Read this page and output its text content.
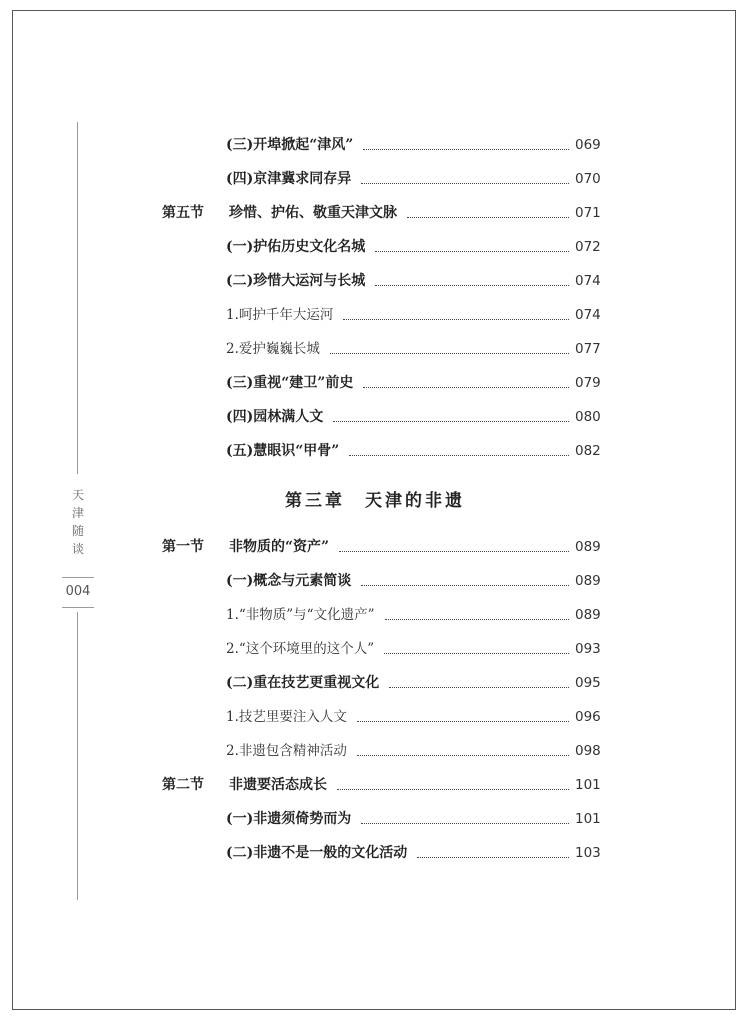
天
津
随
谈
004
第三章　天津的非遗
(三)开埠掀起“津风”	069
(四)京津冀求同存异	070
第五节 珍惜、护佑、敬重天津文脉	071
(一)护佑历史文化名城	072
(二)珍惜大运河与长城	074
1.呵护千年大运河	074
2.爱护巍巍长城	077
(三)重视“建卫”前史	079
(四)园林满人文	080
(五)慧眼识“甲骨”	082
第一节 非物质的“资产”	089
(一)概念与元素简谈	089
1.“非物质”与“文化遗产”	089
2.“这个环境里的这个人”	093
(二)重在技艺更重视文化	095
1.技艺里要注入人文	096
2.非遗包含精神活动	098
第二节 非遗要活态成长	101
(一)非遗须倚势而为	101
(二)非遗不是一般的文化活动	103
